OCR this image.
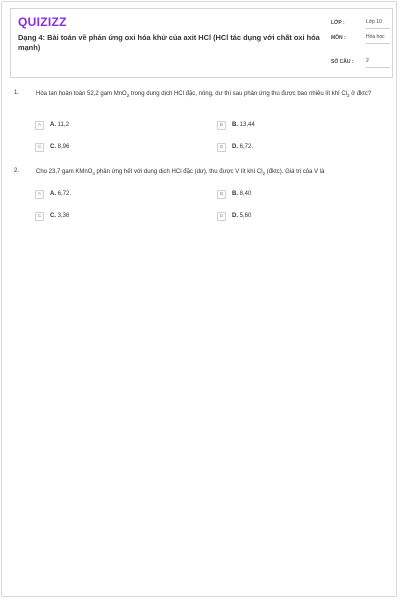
QUIZIZZ
Dạng 4: Bài toán về phản ứng oxi hóa khử của axit HCl (HCl tác dụng với chất oxi hóa mạnh)
LỚP :	Lớp 10
MÔN :	Hóa học
SỐ CÂU :	2
1.	Hòa tan hoàn toàn 52,2 gam MnO$_2$ trong dung dịch HCl đặc, nóng, dư thì sau phản ứng thu được bao nhiêu lít khí $Cl_2$ ở đktc?
A	A. 11,2	B	B. 13,44
C	C. 8,96	D	D. 6,72.
2.	Cho 23,7 gam KMnO$_4$ phản ứng hết với dung dịch HCl đặc (dư), thu được V lít khí $Cl_2$ (đktc). Giá trị của V là
A	A. 6,72.	B	B. 8,40
C	C. 3,36	D	D. 5,60
